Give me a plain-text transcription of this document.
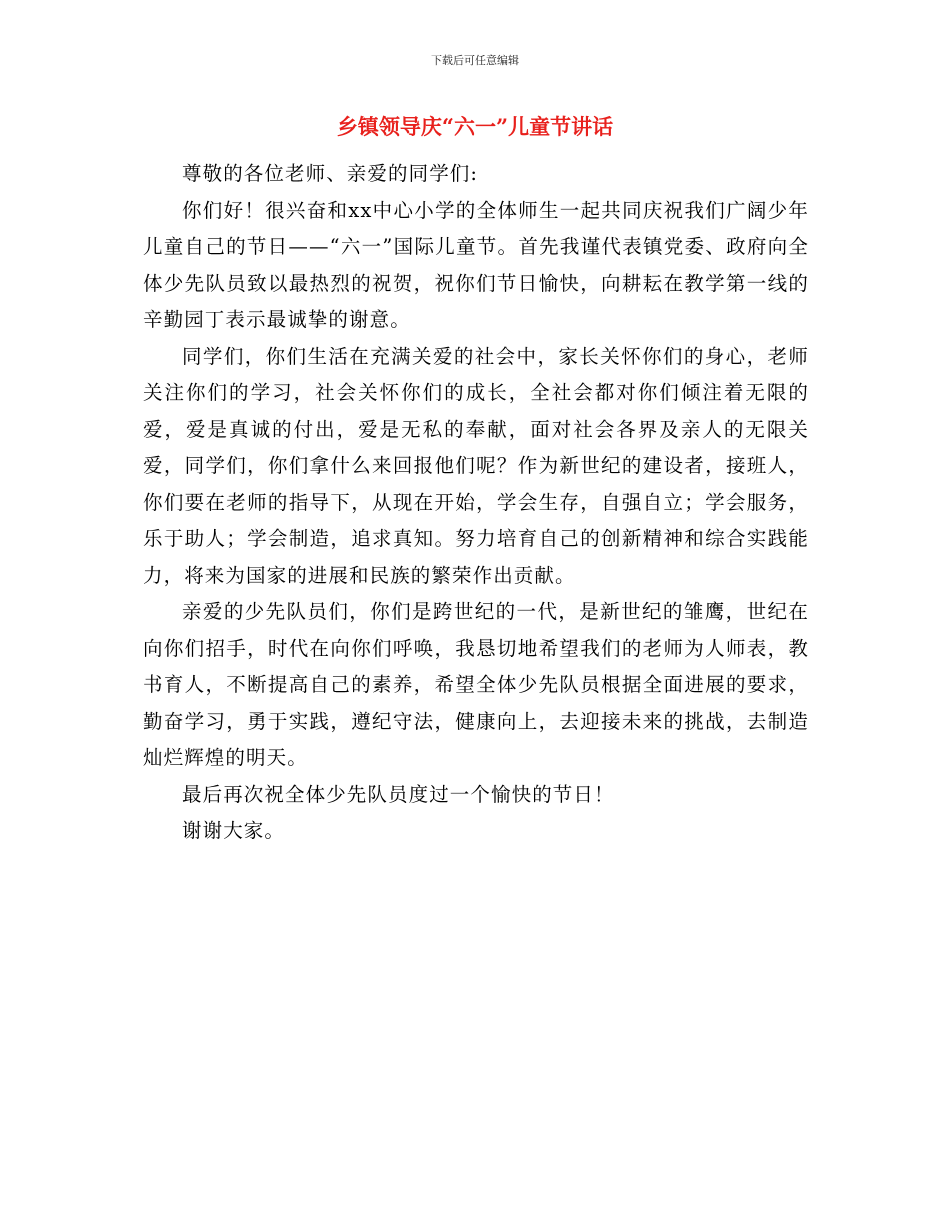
下载后可任意编辑
乡镇领导庆“六一”儿童节讲话

尊敬的各位老师、亲爱的同学们:

你们好！很兴奋和xx中心小学的全体师生一起共同庆祝我们广阔少年儿童自己的节日——“六一”国际儿童节。首先我谨代表镇党委、政府向全体少先队员致以最热烈的祝贺，祝你们节日愉快，向耕耘在教学第一线的辛勤园丁表示最诚挚的谢意。

同学们，你们生活在充满关爱的社会中，家长关怀你们的身心，老师关注你们的学习，社会关怀你们的成长，全社会都对你们倾注着无限的爱，爱是真诚的付出，爱是无私的奉献，面对社会各界及亲人的无限关爱，同学们，你们拿什么来回报他们呢？作为新世纪的建设者，接班人，你们要在老师的指导下，从现在开始，学会生存，自强自立；学会服务，乐于助人；学会制造，追求真知。努力培育自己的创新精神和综合实践能力，将来为国家的进展和民族的繁荣作出贡献。

亲爱的少先队员们，你们是跨世纪的一代，是新世纪的雏鹰，世纪在向你们招手，时代在向你们呼唤，我恳切地希望我们的老师为人师表，教书育人，不断提高自己的素养，希望全体少先队员根据全面进展的要求，勤奋学习，勇于实践，遵纪守法，健康向上，去迎接未来的挑战，去制造灿烂辉煌的明天。

最后再次祝全体少先队员度过一个愉快的节日！

谢谢大家。
